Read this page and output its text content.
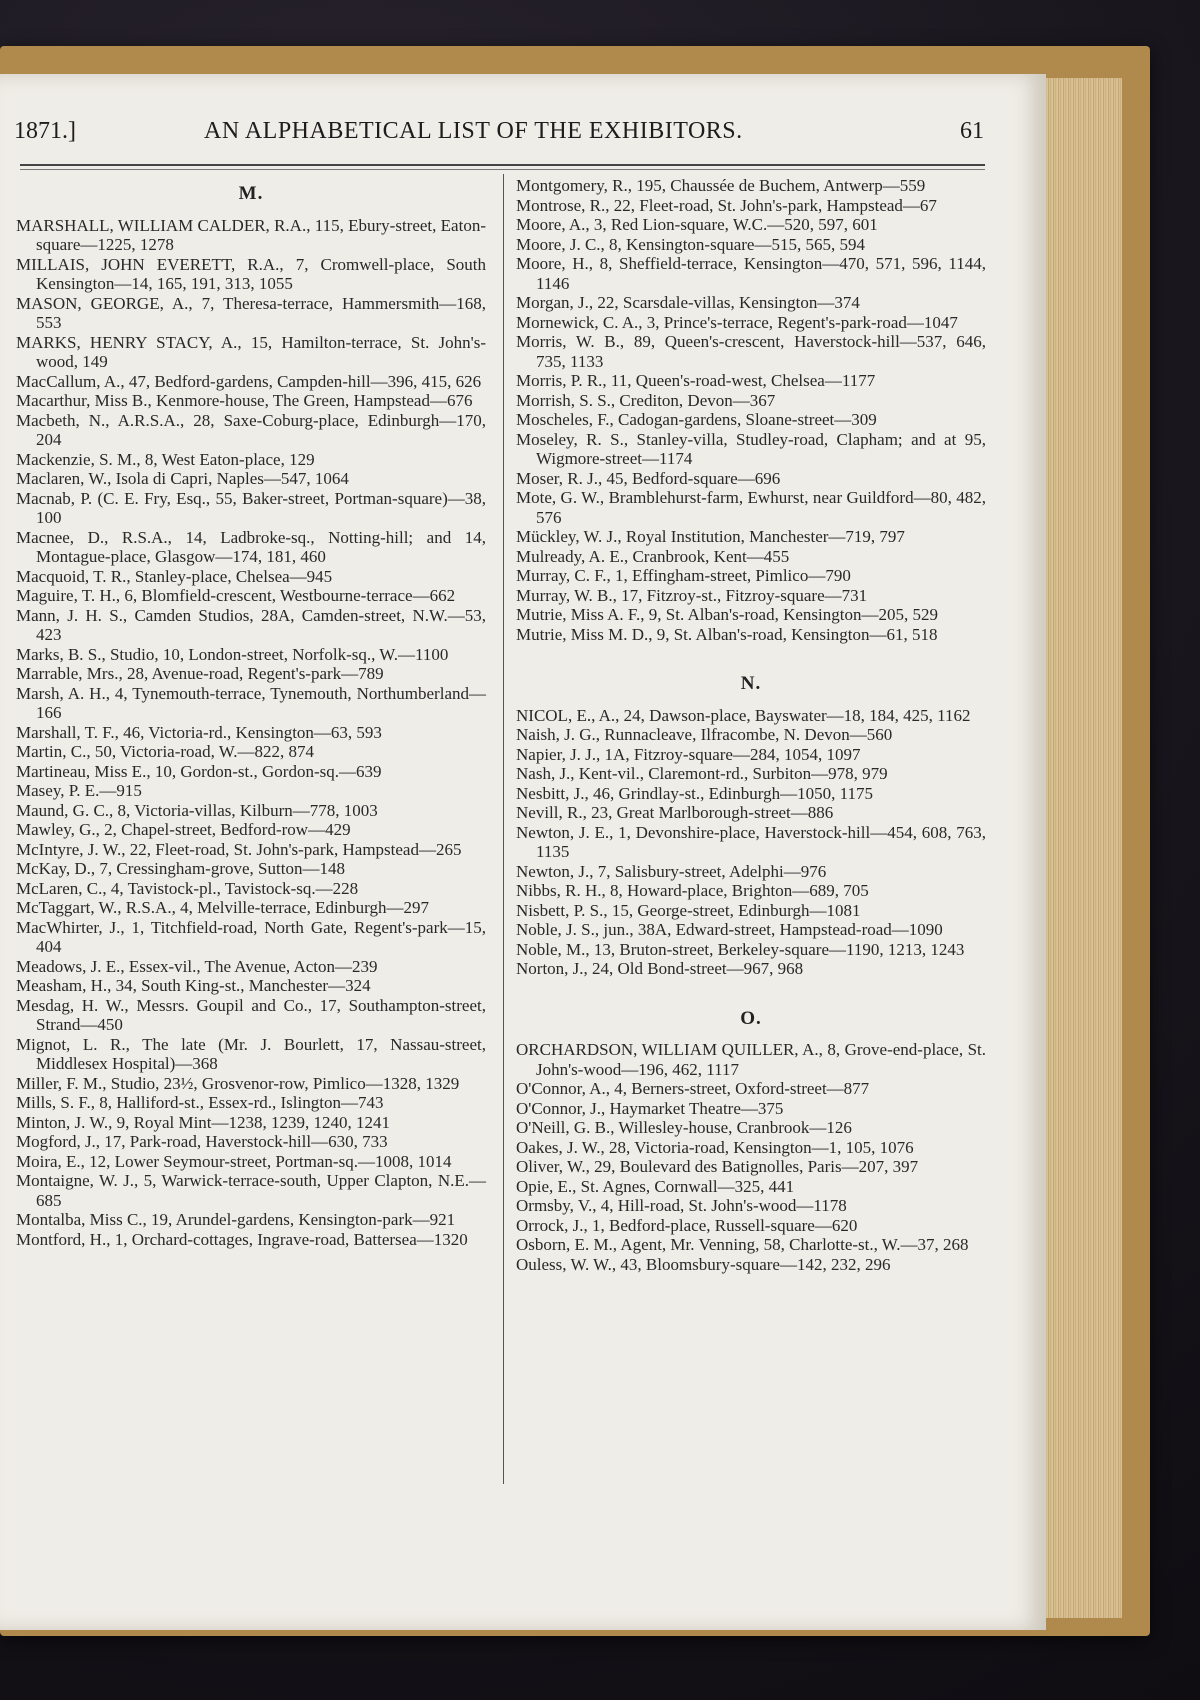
1871.]	AN ALPHABETICAL LIST OF THE EXHIBITORS.	61
M.

MARSHALL, WILLIAM CALDER, R.A., 115, Ebury-street, Eaton-square—1225, 1278

MILLAIS, JOHN EVERETT, R.A., 7, Cromwell-place, South Kensington—14, 165, 191, 313, 1055

MASON, GEORGE, A., 7, Theresa-terrace, Hammersmith—168, 553

MARKS, HENRY STACY, A., 15, Hamilton-terrace, St. John's-wood, 149

MacCallum, A., 47, Bedford-gardens, Campden-hill—396, 415, 626

Macarthur, Miss B., Kenmore-house, The Green, Hampstead—676

Macbeth, N., A.R.S.A., 28, Saxe-Coburg-place, Edinburgh—170, 204

Mackenzie, S. M., 8, West Eaton-place, 129

Maclaren, W., Isola di Capri, Naples—547, 1064

Macnab, P. (C. E. Fry, Esq., 55, Baker-street, Portman-square)—38, 100

Macnee, D., R.S.A., 14, Ladbroke-sq., Notting-hill; and 14, Montague-place, Glasgow—174, 181, 460

Macquoid, T. R., Stanley-place, Chelsea—945

Maguire, T. H., 6, Blomfield-crescent, Westbourne-terrace—662

Mann, J. H. S., Camden Studios, 28A, Camden-street, N.W.—53, 423

Marks, B. S., Studio, 10, London-street, Norfolk-sq., W.—1100

Marrable, Mrs., 28, Avenue-road, Regent's-park—789

Marsh, A. H., 4, Tynemouth-terrace, Tynemouth, Northumberland—166

Marshall, T. F., 46, Victoria-rd., Kensington—63, 593

Martin, C., 50, Victoria-road, W.—822, 874

Martineau, Miss E., 10, Gordon-st., Gordon-sq.—639

Masey, P. E.—915

Maund, G. C., 8, Victoria-villas, Kilburn—778, 1003

Mawley, G., 2, Chapel-street, Bedford-row—429

McIntyre, J. W., 22, Fleet-road, St. John's-park, Hampstead—265

McKay, D., 7, Cressingham-grove, Sutton—148

McLaren, C., 4, Tavistock-pl., Tavistock-sq.—228

McTaggart, W., R.S.A., 4, Melville-terrace, Edinburgh—297

MacWhirter, J., 1, Titchfield-road, North Gate, Regent's-park—15, 404

Meadows, J. E., Essex-vil., The Avenue, Acton—239

Measham, H., 34, South King-st., Manchester—324

Mesdag, H. W., Messrs. Goupil and Co., 17, Southampton-street, Strand—450

Mignot, L. R., The late (Mr. J. Bourlett, 17, Nassau-street, Middlesex Hospital)—368

Miller, F. M., Studio, 23½, Grosvenor-row, Pimlico—1328, 1329

Mills, S. F., 8, Halliford-st., Essex-rd., Islington—743

Minton, J. W., 9, Royal Mint—1238, 1239, 1240, 1241

Mogford, J., 17, Park-road, Haverstock-hill—630, 733

Moira, E., 12, Lower Seymour-street, Portman-sq.—1008, 1014

Montaigne, W. J., 5, Warwick-terrace-south, Upper Clapton, N.E.—685

Montalba, Miss C., 19, Arundel-gardens, Kensington-park—921

Montford, H., 1, Orchard-cottages, Ingrave-road, Battersea—1320

Montgomery, R., 195, Chaussée de Buchem, Antwerp—559

Montrose, R., 22, Fleet-road, St. John's-park, Hampstead—67

Moore, A., 3, Red Lion-square, W.C.—520, 597, 601

Moore, J. C., 8, Kensington-square—515, 565, 594

Moore, H., 8, Sheffield-terrace, Kensington—470, 571, 596, 1144, 1146

Morgan, J., 22, Scarsdale-villas, Kensington—374

Mornewick, C. A., 3, Prince's-terrace, Regent's-park-road—1047

Morris, W. B., 89, Queen's-crescent, Haverstock-hill—537, 646, 735, 1133

Morris, P. R., 11, Queen's-road-west, Chelsea—1177

Morrish, S. S., Crediton, Devon—367

Moscheles, F., Cadogan-gardens, Sloane-street—309

Moseley, R. S., Stanley-villa, Studley-road, Clapham; and at 95, Wigmore-street—1174

Moser, R. J., 45, Bedford-square—696

Mote, G. W., Bramblehurst-farm, Ewhurst, near Guildford—80, 482, 576

Mückley, W. J., Royal Institution, Manchester—719, 797

Mulready, A. E., Cranbrook, Kent—455

Murray, C. F., 1, Effingham-street, Pimlico—790

Murray, W. B., 17, Fitzroy-st., Fitzroy-square—731

Mutrie, Miss A. F., 9, St. Alban's-road, Kensington—205, 529

Mutrie, Miss M. D., 9, St. Alban's-road, Kensington—61, 518

N.

NICOL, E., A., 24, Dawson-place, Bayswater—18, 184, 425, 1162

Naish, J. G., Runnacleave, Ilfracombe, N. Devon—560

Napier, J. J., 1A, Fitzroy-square—284, 1054, 1097

Nash, J., Kent-vil., Claremont-rd., Surbiton—978, 979

Nesbitt, J., 46, Grindlay-st., Edinburgh—1050, 1175

Nevill, R., 23, Great Marlborough-street—886

Newton, J. E., 1, Devonshire-place, Haverstock-hill—454, 608, 763, 1135

Newton, J., 7, Salisbury-street, Adelphi—976

Nibbs, R. H., 8, Howard-place, Brighton—689, 705

Nisbett, P. S., 15, George-street, Edinburgh—1081

Noble, J. S., jun., 38A, Edward-street, Hampstead-road—1090

Noble, M., 13, Bruton-street, Berkeley-square—1190, 1213, 1243

Norton, J., 24, Old Bond-street—967, 968

O.

ORCHARDSON, WILLIAM QUILLER, A., 8, Grove-end-place, St. John's-wood—196, 462, 1117

O'Connor, A., 4, Berners-street, Oxford-street—877

O'Connor, J., Haymarket Theatre—375

O'Neill, G. B., Willesley-house, Cranbrook—126

Oakes, J. W., 28, Victoria-road, Kensington—1, 105, 1076

Oliver, W., 29, Boulevard des Batignolles, Paris—207, 397

Opie, E., St. Agnes, Cornwall—325, 441

Ormsby, V., 4, Hill-road, St. John's-wood—1178

Orrock, J., 1, Bedford-place, Russell-square—620

Osborn, E. M., Agent, Mr. Venning, 58, Charlotte-st., W.—37, 268

Ouless, W. W., 43, Bloomsbury-square—142, 232, 296
